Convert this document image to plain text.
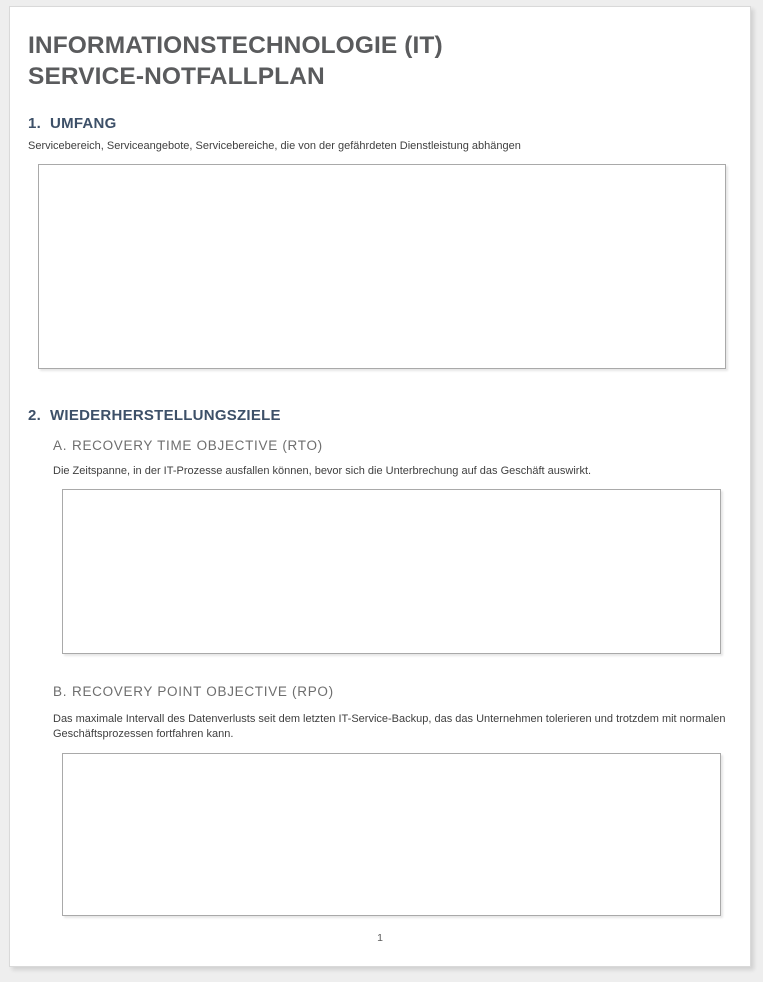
INFORMATIONSTECHNOLOGIE (IT)
SERVICE-NOTFALLPLAN
1. UMFANG

Servicebereich, Serviceangebote, Servicebereiche, die von der gefährdeten Dienstleistung abhängen

2. WIEDERHERSTELLUNGSZIELE
A. RECOVERY TIME OBJECTIVE (RTO)

Die Zeitspanne, in der IT-Prozesse ausfallen können, bevor sich die Unterbrechung auf das Geschäft auswirkt.

B. RECOVERY POINT OBJECTIVE (RPO)

Das maximale Intervall des Datenverlusts seit dem letzten IT-Service-Backup, das das Unternehmen tolerieren und trotzdem mit normalen Geschäftsprozessen fortfahren kann.

1
